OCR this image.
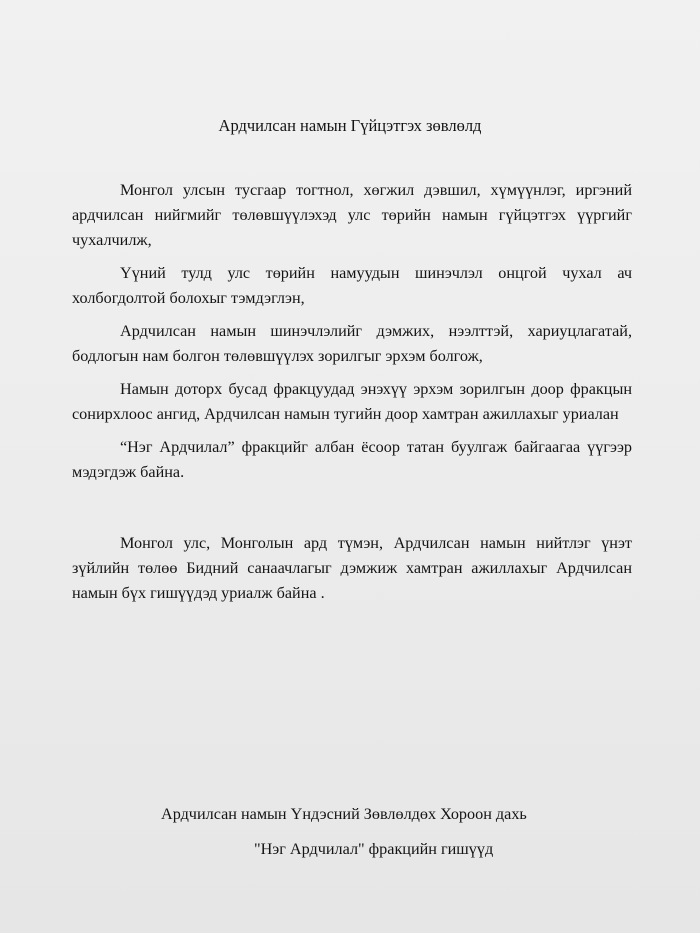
Ардчилсан намын Гүйцэтгэх зөвлөлд

Монгол улсын тусгаар тогтнол, хөгжил дэвшил, хүмүүнлэг, иргэний ардчилсан нийгмийг төлөвшүүлэхэд улс төрийн намын гүйцэтгэх үүргийг чухалчилж,

Үүний тулд улс төрийн намуудын шинэчлэл онцгой чухал ач холбогдолтой болохыг тэмдэглэн,

Ардчилсан намын шинэчлэлийг дэмжих, нээлттэй, хариуцлагатай, бодлогын нам болгон төлөвшүүлэх зорилгыг эрхэм болгож,

Намын доторх бусад фракцуудад энэхүү эрхэм зорилгын доор фракцын сонирхлоос ангид, Ардчилсан намын тугийн доор хамтран ажиллахыг уриалан

“Нэг Ардчилал” фракцийг албан ёсоор татан буулгаж байгаагаа үүгээр мэдэгдэж байна.

Монгол улс, Монголын ард түмэн, Ардчилсан намын нийтлэг үнэт зүйлийн төлөө Бидний санаачлагыг дэмжиж хамтран ажиллахыг Ардчилсан намын бүх гишүүдэд уриалж байна .

Ардчилсан намын Үндэсний Зөвлөлдөх Хороон дахь
"Нэг Ардчилал" фракцийн гишүүд
